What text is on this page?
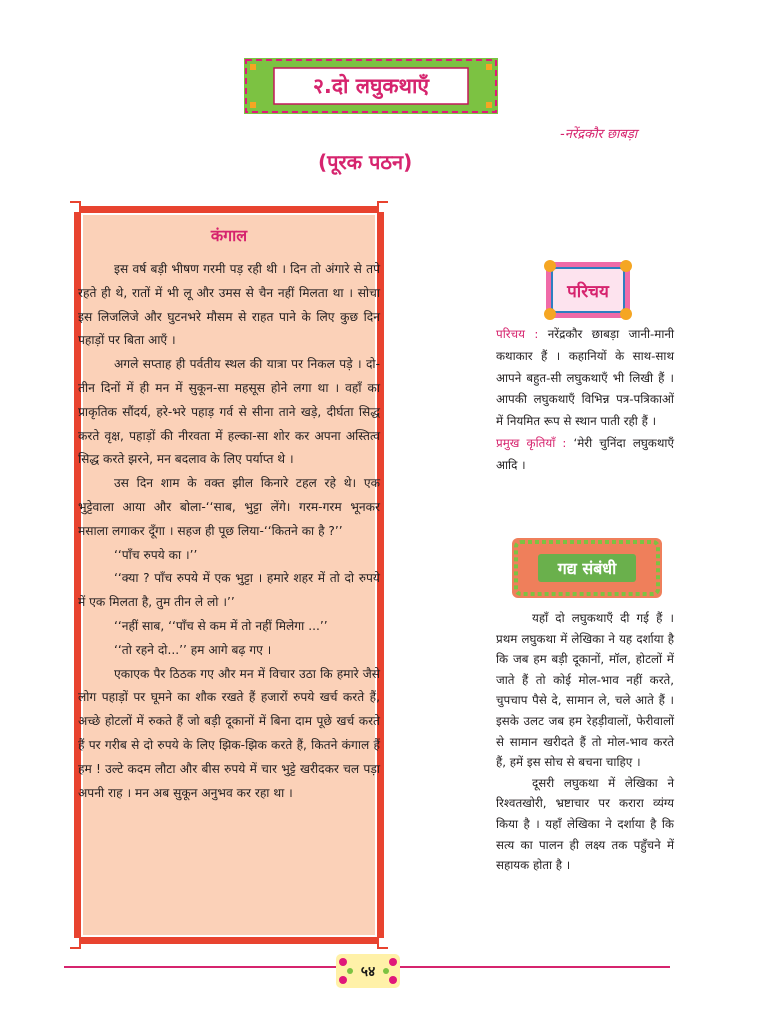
२.दो लघुकथाएँ
-नरेंद्रकौर छाबड़ा
(पूरक पठन)
कंगाल

इस वर्ष बड़ी भीषण गरमी पड़ रही थी । दिन तो अंगारे से तपे रहते ही थे, रातों में भी लू और उमस से चैन नहीं मिलता था । सोचा इस लिजलिजे और घुटनभरे मौसम से राहत पाने के लिए कुछ दिन पहाड़ों पर बिता आएँ ।

अगले सप्ताह ही पर्वतीय स्थल की यात्रा पर निकल पड़े । दो-तीन दिनों में ही मन में सुकून-सा महसूस होने लगा था । वहाँ का प्राकृतिक सौंदर्य, हरे-भरे पहाड़ गर्व से सीना ताने खड़े, दीर्घता सिद्ध करते वृक्ष, पहाड़ों की नीरवता में हल्का-सा शोर कर अपना अस्तित्व सिद्ध करते झरने, मन बदलाव के लिए पर्याप्त थे ।

उस दिन शाम के वक्त झील किनारे टहल रहे थे। एक भुट्टेवाला आया और बोला-‘‘साब, भुट्टा लेंगे। गरम-गरम भूनकर मसाला लगाकर दूँगा । सहज ही पूछ लिया-‘‘कितने का है ?’’

‘‘पाँच रुपये का ।’’

‘‘क्या ? पाँच रुपये में एक भुट्टा । हमारे शहर में तो दो रुपये में एक मिलता है, तुम तीन ले लो ।’’

‘‘नहीं साब, ‘‘पाँच से कम में तो नहीं मिलेगा ...’’

‘‘तो रहने दो...’’ हम आगे बढ़ गए ।

एकाएक पैर ठिठक गए और मन में विचार उठा कि हमारे जैसे लोग पहाड़ों पर घूमने का शौक रखते हैं हजारों रुपये खर्च करते हैं, अच्छे होटलों में रुकते हैं जो बड़ी दूकानों में बिना दाम पूछे खर्च करते हैं पर गरीब से दो रुपये के लिए झिक-झिक करते हैं, कितने कंगाल हैं हम ! उल्टे कदम लौटा और बीस रुपये में चार भुट्टे खरीदकर चल पड़ा अपनी राह । मन अब सुकून अनुभव कर रहा था ।

परिचय
परिचय : नरेंद्रकौर छाबड़ा जानी-मानी कथाकार हैं । कहानियों के साथ-साथ आपने बहुत-सी लघुकथाएँ भी लिखी हैं । आपकी लघुकथाएँ विभिन्न पत्र-पत्रिकाओं में नियमित रूप से स्थान पाती रही हैं ।
प्रमुख कृतियाँ : ‘मेरी चुनिंदा लघुकथाएँ आदि ।
गद्य संबंधी

यहाँ दो लघुकथाएँ दी गई हैं । प्रथम लघुकथा में लेखिका ने यह दर्शाया है कि जब हम बड़ी दूकानों, मॉल, होटलों में जाते हैं तो कोई मोल-भाव नहीं करते, चुपचाप पैसे दे, सामान ले, चले आते हैं । इसके उलट जब हम रेहड़ीवालों, फेरीवालों से सामान खरीदते हैं तो मोल-भाव करते हैं, हमें इस सोच से बचना चाहिए ।

दूसरी लघुकथा में लेखिका ने रिश्वतखोरी, भ्रष्टाचार पर करारा व्यंग्य किया है । यहाँ लेखिका ने दर्शाया है कि सत्य का पालन ही लक्ष्य तक पहुँचने में सहायक होता है ।

५४
